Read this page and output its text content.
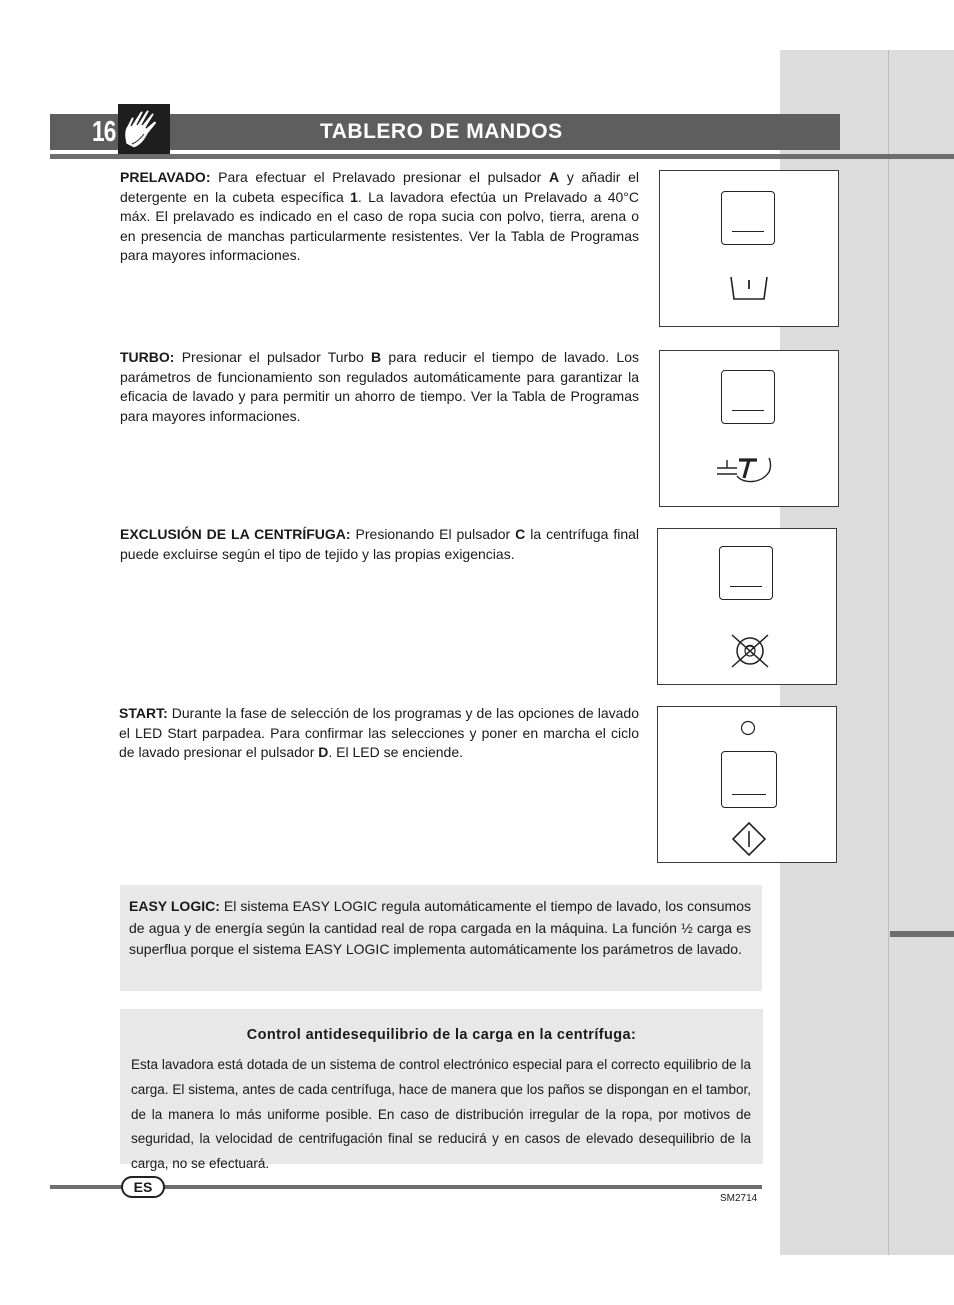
16	TABLERO DE MANDOS
PRELAVADO: Para efectuar el Prelavado presionar el pulsador A y añadir el detergente en la cubeta específica 1. La lavadora efectúa un Prelavado a 40°C máx. El prelavado es indicado en el caso de ropa sucia con polvo, tierra, arena o en presencia de manchas particularmente resistentes. Ver la Tabla de Programas para mayores informaciones.
TURBO: Presionar el pulsador Turbo B para reducir el tiempo de lavado. Los parámetros de funcionamiento son regulados automáticamente para garantizar la eficacia de lavado y para permitir un ahorro de tiempo. Ver la Tabla de Programas para mayores informaciones.
EXCLUSIÓN DE LA CENTRÍFUGA: Presionando El pulsador C la centrífuga final puede excluirse según el tipo de tejido y las propias exigencias.
START: Durante la fase de selección de los programas y de las opciones de lavado el LED Start parpadea. Para confirmar las selecciones y poner en marcha el ciclo de lavado presionar el pulsador D. El LED se enciende.
EASY LOGIC: El sistema EASY LOGIC regula automáticamente el tiempo de lavado, los consumos de agua y de energía según la cantidad real de ropa cargada en la máquina. La función ½ carga es superflua porque el sistema EASY LOGIC implementa automáticamente los parámetros de lavado.
Control antidesequilibrio de la carga en la centrífuga:
Esta lavadora está dotada de un sistema de control electrónico especial para el correcto equilibrio de la carga. El sistema, antes de cada centrífuga, hace de manera que los paños se dispongan en el tambor, de la manera lo más uniforme posible. En caso de distribución irregular de la ropa, por motivos de seguridad, la velocidad de centrifugación final se reducirá y en casos de elevado desequilibrio de la carga, no se efectuará.
ES
SM2714
